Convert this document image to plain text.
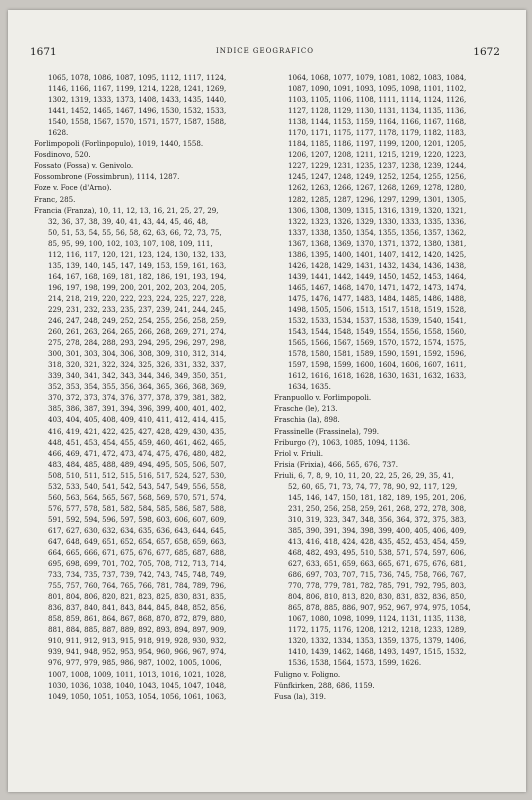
1671	INDICE GEOGRAFICO	1672
1065, 1078, 1086, 1087, 1095, 1112, 1117, 1124,
1146, 1166, 1167, 1199, 1214, 1228, 1241, 1269,
1302, 1319, 1333, 1373, 1408, 1433, 1435, 1440,
1441, 1452, 1465, 1467, 1496, 1530, 1532, 1533,
1540, 1558, 1567, 1570, 1571, 1577, 1587, 1588,
1628.
Forlimpopoli (Forlinpopulo), 1019, 1440, 1558.
Fosdinovo, 520.
Fossato (Fossa) v. Genivolo.
Fossombrone (Fossimbrun), 1114, 1287.
Foze v. Foce (d'Arno).
Franc, 285.
Francia (Franza), 10, 11, 12, 13, 16, 21, 25, 27, 29,
32, 36, 37, 38, 39, 40, 41, 43, 44, 45, 46, 48,
50, 51, 53, 54, 55, 56, 58, 62, 63, 66, 72, 73, 75,
85, 95, 99, 100, 102, 103, 107, 108, 109, 111,
112, 116, 117, 120, 121, 123, 124, 130, 132, 133,
135, 139, 140, 145, 147, 149, 153, 159, 161, 163,
164, 167, 168, 169, 181, 182, 186, 191, 193, 194,
196, 197, 198, 199, 200, 201, 202, 203, 204, 205,
214, 218, 219, 220, 222, 223, 224, 225, 227, 228,
229, 231, 232, 233, 235, 237, 239, 241, 244, 245,
246, 247, 248, 249, 252, 254, 255, 256, 258, 259,
260, 261, 263, 264, 265, 266, 268, 269, 271, 274,
275, 278, 284, 288, 293, 294, 295, 296, 297, 298,
300, 301, 303, 304, 306, 308, 309, 310, 312, 314,
318, 320, 321, 322, 324, 325, 326, 331, 332, 337,
339, 340, 341, 342, 343, 344, 346, 349, 350, 351,
352, 353, 354, 355, 356, 364, 365, 366, 368, 369,
370, 372, 373, 374, 376, 377, 378, 379, 381, 382,
385, 386, 387, 391, 394, 396, 399, 400, 401, 402,
403, 404, 405, 408, 409, 410, 411, 412, 414, 415,
416, 419, 421, 422, 425, 427, 428, 429, 430, 435,
448, 451, 453, 454, 455, 459, 460, 461, 462, 465,
466, 469, 471, 472, 473, 474, 475, 476, 480, 482,
483, 484, 485, 488, 489, 494, 495, 505, 506, 507,
508, 510, 511, 512, 515, 516, 517, 524, 527, 530,
532, 533, 540, 541, 542, 543, 547, 549, 556, 558,
560, 563, 564, 565, 567, 568, 569, 570, 571, 574,
576, 577, 578, 581, 582, 584, 585, 586, 587, 588,
591, 592, 594, 596, 597, 598, 603, 606, 607, 609,
617, 627, 630, 632, 634, 635, 636, 643, 644, 645,
647, 648, 649, 651, 652, 654, 657, 658, 659, 663,
664, 665, 666, 671, 675, 676, 677, 685, 687, 688,
695, 698, 699, 701, 702, 705, 708, 712, 713, 714,
733, 734, 735, 737, 739, 742, 743, 745, 748, 749,
755, 757, 760, 764, 765, 766, 781, 784, 789, 796,
801, 804, 806, 820, 821, 823, 825, 830, 831, 835,
836, 837, 840, 841, 843, 844, 845, 848, 852, 856,
858, 859, 861, 864, 867, 868, 870, 872, 879, 880,
881, 884, 885, 887, 889, 892, 893, 894, 897, 909,
910, 911, 912, 913, 915, 918, 919, 928, 930, 932,
939, 941, 948, 952, 953, 954, 960, 966, 967, 974,
976, 977, 979, 985, 986, 987, 1002, 1005, 1006,
1007, 1008, 1009, 1011, 1013, 1016, 1021, 1028,
1030, 1036, 1038, 1040, 1043, 1045, 1047, 1048,
1049, 1050, 1051, 1053, 1054, 1056, 1061, 1063,
1064, 1068, 1077, 1079, 1081, 1082, 1083, 1084,
1087, 1090, 1091, 1093, 1095, 1098, 1101, 1102,
1103, 1105, 1106, 1108, 1111, 1114, 1124, 1126,
1127, 1128, 1129, 1130, 1131, 1134, 1135, 1136,
1138, 1144, 1153, 1159, 1164, 1166, 1167, 1168,
1170, 1171, 1175, 1177, 1178, 1179, 1182, 1183,
1184, 1185, 1186, 1197, 1199, 1200, 1201, 1205,
1206, 1207, 1208, 1211, 1215, 1219, 1220, 1223,
1227, 1229, 1231, 1235, 1237, 1238, 1239, 1244,
1245, 1247, 1248, 1249, 1252, 1254, 1255, 1256,
1262, 1263, 1266, 1267, 1268, 1269, 1278, 1280,
1282, 1285, 1287, 1296, 1297, 1299, 1301, 1305,
1306, 1308, 1309, 1315, 1316, 1319, 1320, 1321,
1322, 1323, 1326, 1329, 1330, 1333, 1335, 1336,
1337, 1338, 1350, 1354, 1355, 1356, 1357, 1362,
1367, 1368, 1369, 1370, 1371, 1372, 1380, 1381,
1386, 1395, 1400, 1401, 1407, 1412, 1420, 1425,
1426, 1428, 1429, 1431, 1432, 1434, 1436, 1438,
1439, 1441, 1442, 1449, 1450, 1452, 1453, 1464,
1465, 1467, 1468, 1470, 1471, 1472, 1473, 1474,
1475, 1476, 1477, 1483, 1484, 1485, 1486, 1488,
1498, 1505, 1506, 1513, 1517, 1518, 1519, 1528,
1532, 1533, 1534, 1537, 1538, 1539, 1540, 1541,
1543, 1544, 1548, 1549, 1554, 1556, 1558, 1560,
1565, 1566, 1567, 1569, 1570, 1572, 1574, 1575,
1578, 1580, 1581, 1589, 1590, 1591, 1592, 1596,
1597, 1598, 1599, 1600, 1604, 1606, 1607, 1611,
1612, 1616, 1618, 1628, 1630, 1631, 1632, 1633,
1634, 1635.
Franpuollo v. Forlimpopoli.
Frasche (le), 213.
Fraschia (la), 898.
Frassinelle (Frassinela), 799.
Friburgo (?), 1063, 1085, 1094, 1136.
Friol v. Friuli.
Frisia (Frixia), 466, 565, 676, 737.
Friuli, 6, 7, 8, 9, 10, 11, 20, 22, 25, 26, 29, 35, 41,
52, 60, 65, 71, 73, 74, 77, 78, 90, 92, 117, 129,
145, 146, 147, 150, 181, 182, 189, 195, 201, 206,
231, 250, 256, 258, 259, 261, 268, 272, 278, 308,
310, 319, 323, 347, 348, 356, 364, 372, 375, 383,
385, 390, 391, 394, 398, 399, 400, 405, 406, 409,
413, 416, 418, 424, 428, 435, 452, 453, 454, 459,
468, 482, 493, 495, 510, 538, 571, 574, 597, 606,
627, 633, 651, 659, 663, 665, 671, 675, 676, 681,
686, 697, 703, 707, 715, 736, 745, 758, 766, 767,
770, 778, 779, 781, 782, 785, 791, 792, 795, 803,
804, 806, 810, 813, 820, 830, 831, 832, 836, 850,
865, 878, 885, 886, 907, 952, 967, 974, 975, 1054,
1067, 1080, 1098, 1099, 1124, 1131, 1135, 1138,
1172, 1175, 1176, 1208, 1212, 1218, 1233, 1289,
1320, 1332, 1334, 1353, 1359, 1375, 1379, 1406,
1410, 1439, 1462, 1468, 1493, 1497, 1515, 1532,
1536, 1538, 1564, 1573, 1599, 1626.
Fuligno v. Foligno.
Fünfkirken, 288, 686, 1159.
Fusa (la), 319.
